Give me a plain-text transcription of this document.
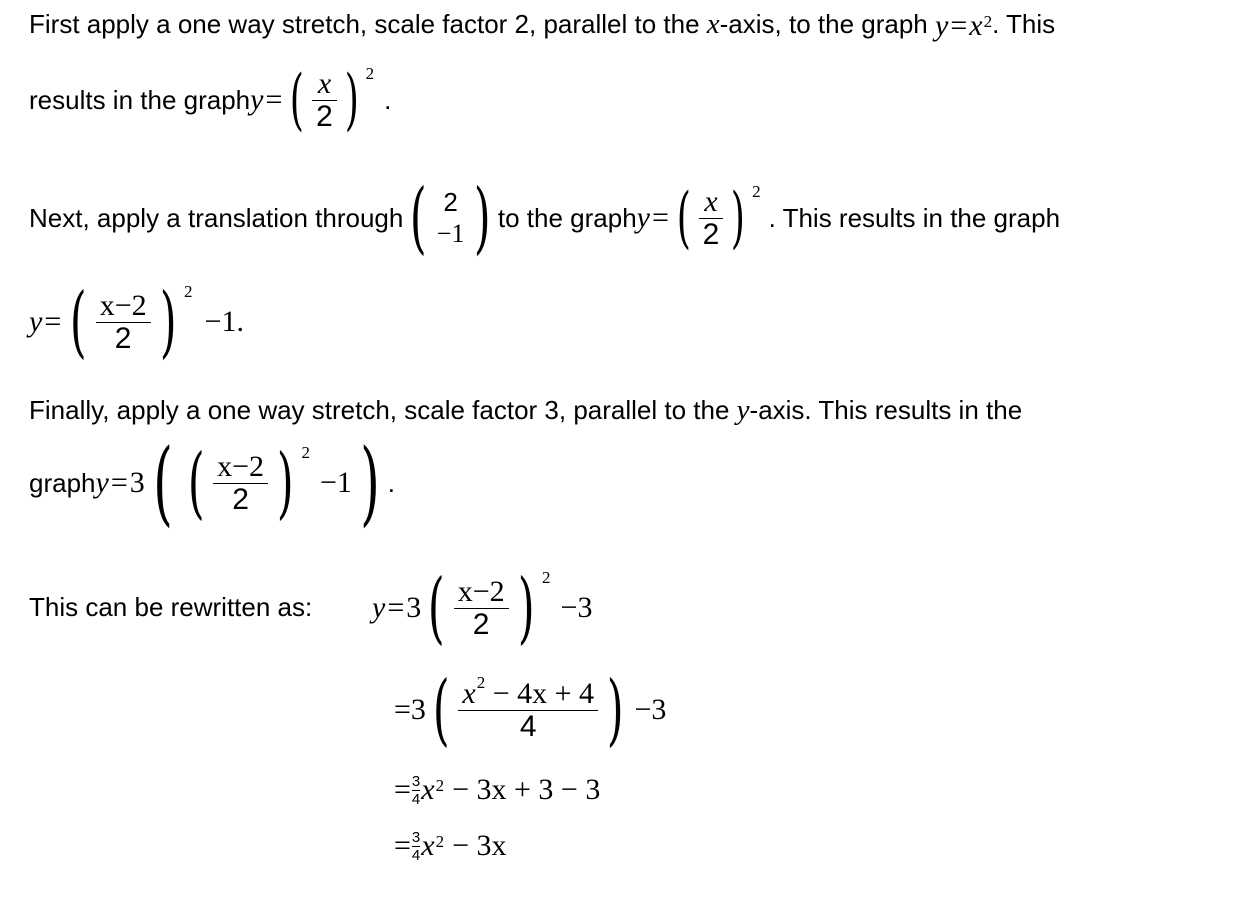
First apply a one way stretch, scale factor 2, parallel to the x-axis, to the graph y = x 2 . This
results in the graph y = ( $\frac{x}{2}$ ) 2
.
Next, apply a translation through ( 2
−1 ) to the graph y = ( $\frac{x}{2}$ ) 2
. This results in the graph
y = ( $\frac{x-2}{2}$ ) 2
−1.
Finally, apply a one way stretch, scale factor 3, parallel to the y-axis. This results in the
graph y = 3 ( ( $\frac{x-2}{2}$ ) 2
−1 ) .
This can be rewritten as: y = 3 ( $\frac{x-2}{2}$ ) 2
−3
=3 ( $\frac{x^2 - 4x + 4}{4}$ ) −3
= $\frac{3}{4}$ x 2 − 3x + 3 − 3
= $\frac{3}{4}$ x 2 − 3x
